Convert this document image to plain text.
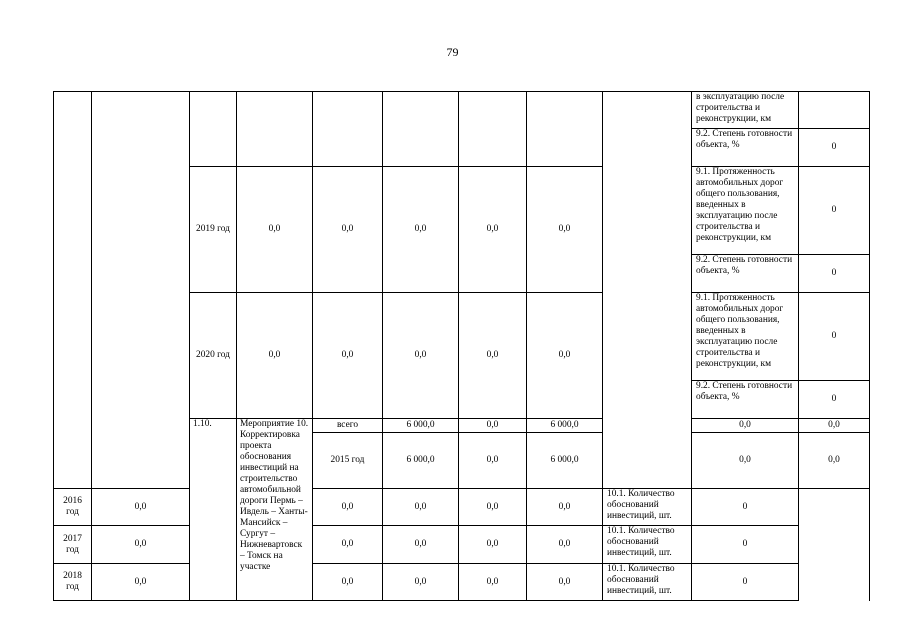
79
									в эксплуатацию после строительства и реконструкции, км		
									9.2. Степень готовности объекта, %	0	
		2019 год	0,0	0,0	0,0	0,0	0,0		9.1. Протяженность автомобильных дорог общего пользования, введенных в эксплуатацию после строительства и реконструкции, км	0	
									9.2. Степень готовности объекта, %	0	
		2020 год	0,0	0,0	0,0	0,0	0,0		9.1. Протяженность автомобильных дорог общего пользования, введенных в эксплуатацию после строительства и реконструкции, км	0	
									9.2. Степень готовности объекта, %	0	
		1.10.	Мероприятие 10. Корректировка проекта обоснования инвестиций на строительство автомобильной дороги Пермь – Ивдель – Ханты-Мансийск – Сургут – Нижневартовск – Томск на участке	всего	6 000,0	0,0	6 000,0		0,0	0,0			
				2015 год	6 000,0	0,0	6 000,0		0,0	0,0		
2016 год	0,0			0,0	0,0	0,0	0,0	10.1. Количество обоснований инвестиций, шт.	0		
2017 год	0,0			0,0	0,0	0,0	0,0	10.1. Количество обоснований инвестиций, шт.	0		
2018 год	0,0			0,0	0,0	0,0	0,0	10.1. Количество обоснований инвестиций, шт.	0		
